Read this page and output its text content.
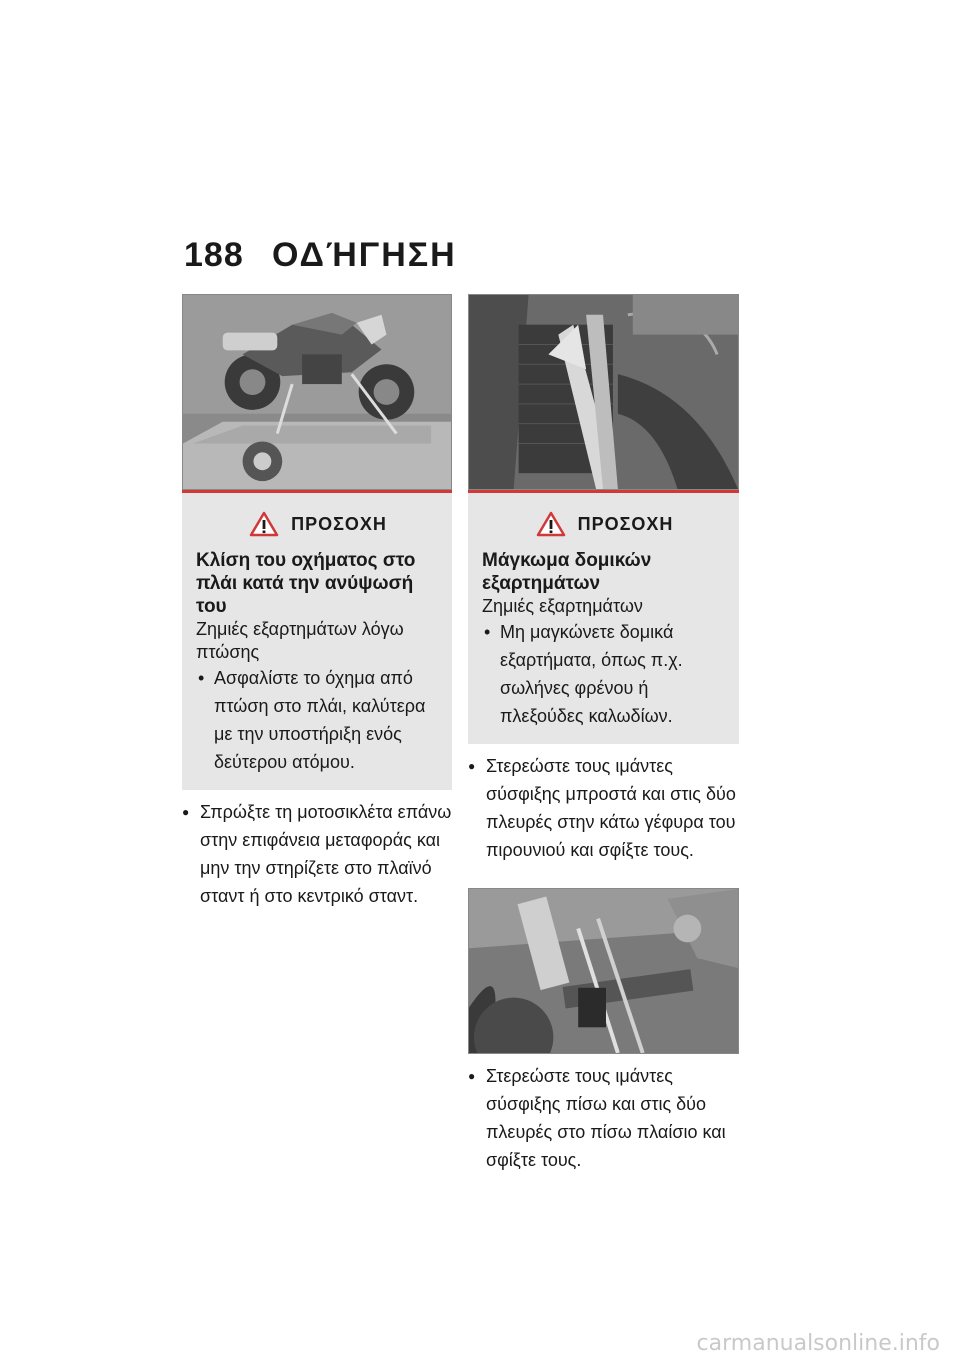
188 ΟΔΉΓΗΣΗ
ΠΡΟΣΟΧΗ
Κλίση του οχήματος στο πλάι κατά την ανύψωσή του
Ζημιές εξαρτημάτων λόγω πτώσης
• Ασφαλίστε το όχημα από πτώση στο πλάι, καλύτερα με την υποστήριξη ενός δεύτερου ατόμου.
● Σπρώξτε τη μοτοσικλέτα επάνω στην επιφάνεια μεταφοράς και μην την στηρίζετε στο πλαϊνό σταντ ή στο κεντρικό σταντ.
ΠΡΟΣΟΧΗ
Μάγκωμα δομικών εξαρτημάτων
Ζημιές εξαρτημάτων
• Μη μαγκώνετε δομικά εξαρτήματα, όπως π.χ. σωλήνες φρένου ή πλεξούδες καλωδίων.
● Στερεώστε τους ιμάντες σύσφιξης μπροστά και στις δύο πλευρές στην κάτω γέφυρα του πιρουνιού και σφίξτε τους.
● Στερεώστε τους ιμάντες σύσφιξης πίσω και στις δύο πλευρές στο πίσω πλαίσιο και σφίξτε τους.
carmanualsonline.info
